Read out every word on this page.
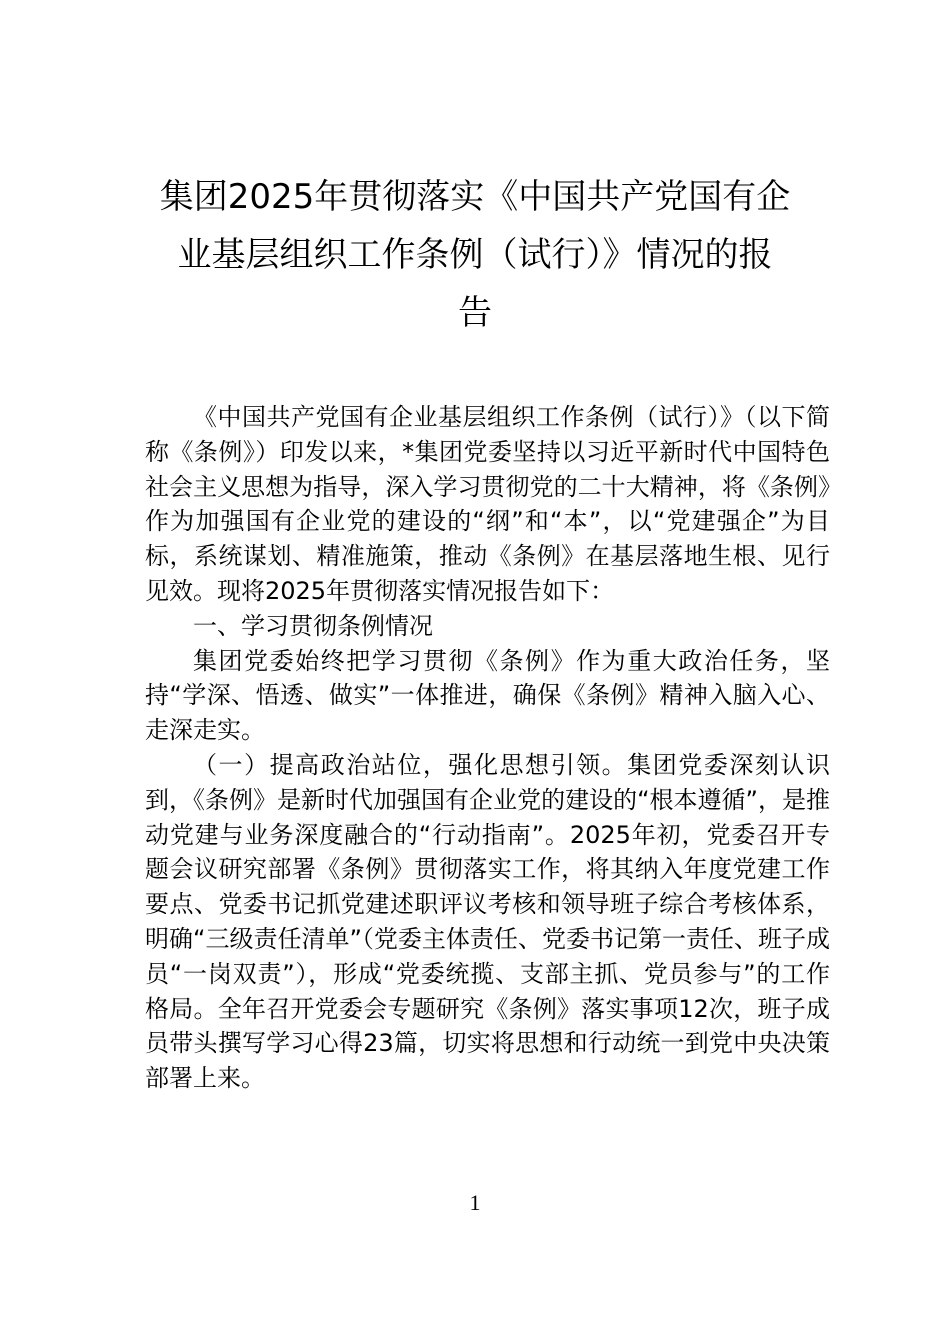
集团2025年贯彻落实《中国共产党国有企
业基层组织工作条例（试行）》情况的报
告

《中国共产党国有企业基层组织工作条例（试行）》（以下简称《条例》）印发以来，*集团党委坚持以习近平新时代中国特色社会主义思想为指导，深入学习贯彻党的二十大精神，将《条例》作为加强国有企业党的建设的“纲”和“本”，以“党建强企”为目标，系统谋划、精准施策，推动《条例》在基层落地生根、见行见效。现将2025年贯彻落实情况报告如下：

一、学习贯彻条例情况

集团党委始终把学习贯彻《条例》作为重大政治任务，坚持“学深、悟透、做实”一体推进，确保《条例》精神入脑入心、走深走实。

（一）提高政治站位，强化思想引领。集团党委深刻认识到，《条例》是新时代加强国有企业党的建设的“根本遵循”，是推动党建与业务深度融合的“行动指南”。2025年初，党委召开专题会议研究部署《条例》贯彻落实工作，将其纳入年度党建工作要点、党委书记抓党建述职评议考核和领导班子综合考核体系，明确“三级责任清单”（党委主体责任、党委书记第一责任、班子成员“一岗双责”），形成“党委统揽、支部主抓、党员参与”的工作格局。全年召开党委会专题研究《条例》落实事项12次，班子成员带头撰写学习心得23篇，切实将思想和行动统一到党中央决策部署上来。

1
